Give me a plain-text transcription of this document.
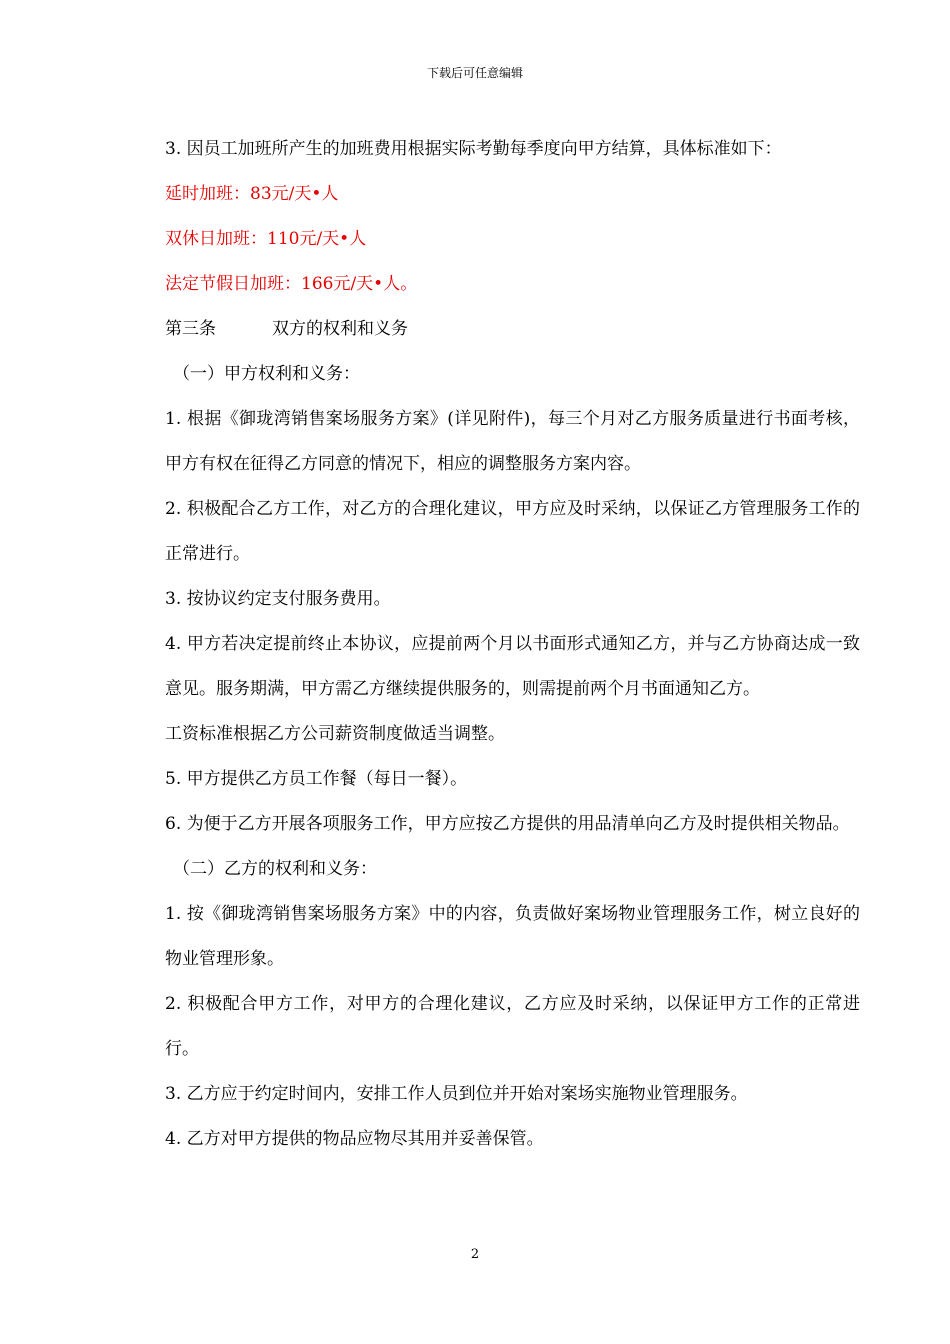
下载后可任意编辑

3. 因员工加班所产生的加班费用根据实际考勤每季度向甲方结算，具体标准如下：

延时加班：83元/天•人

双休日加班：110元/天•人

法定节假日加班：166元/天•人。

第三条	双方的权利和义务

（一）甲方权利和义务：

1. 根据《御珑湾销售案场服务方案》(详见附件)，每三个月对乙方服务质量进行书面考核，甲方有权在征得乙方同意的情况下，相应的调整服务方案内容。

2. 积极配合乙方工作，对乙方的合理化建议，甲方应及时采纳，以保证乙方管理服务工作的正常进行。

3. 按协议约定支付服务费用。

4. 甲方若决定提前终止本协议，应提前两个月以书面形式通知乙方，并与乙方协商达成一致意见。服务期满，甲方需乙方继续提供服务的，则需提前两个月书面通知乙方。

工资标准根据乙方公司薪资制度做适当调整。

5. 甲方提供乙方员工作餐（每日一餐）。

6. 为便于乙方开展各项服务工作，甲方应按乙方提供的用品清单向乙方及时提供相关物品。

（二）乙方的权利和义务：

1. 按《御珑湾销售案场服务方案》中的内容，负责做好案场物业管理服务工作，树立良好的物业管理形象。

2. 积极配合甲方工作，对甲方的合理化建议，乙方应及时采纳，以保证甲方工作的正常进行。

3. 乙方应于约定时间内，安排工作人员到位并开始对案场实施物业管理服务。

4. 乙方对甲方提供的物品应物尽其用并妥善保管。

2
